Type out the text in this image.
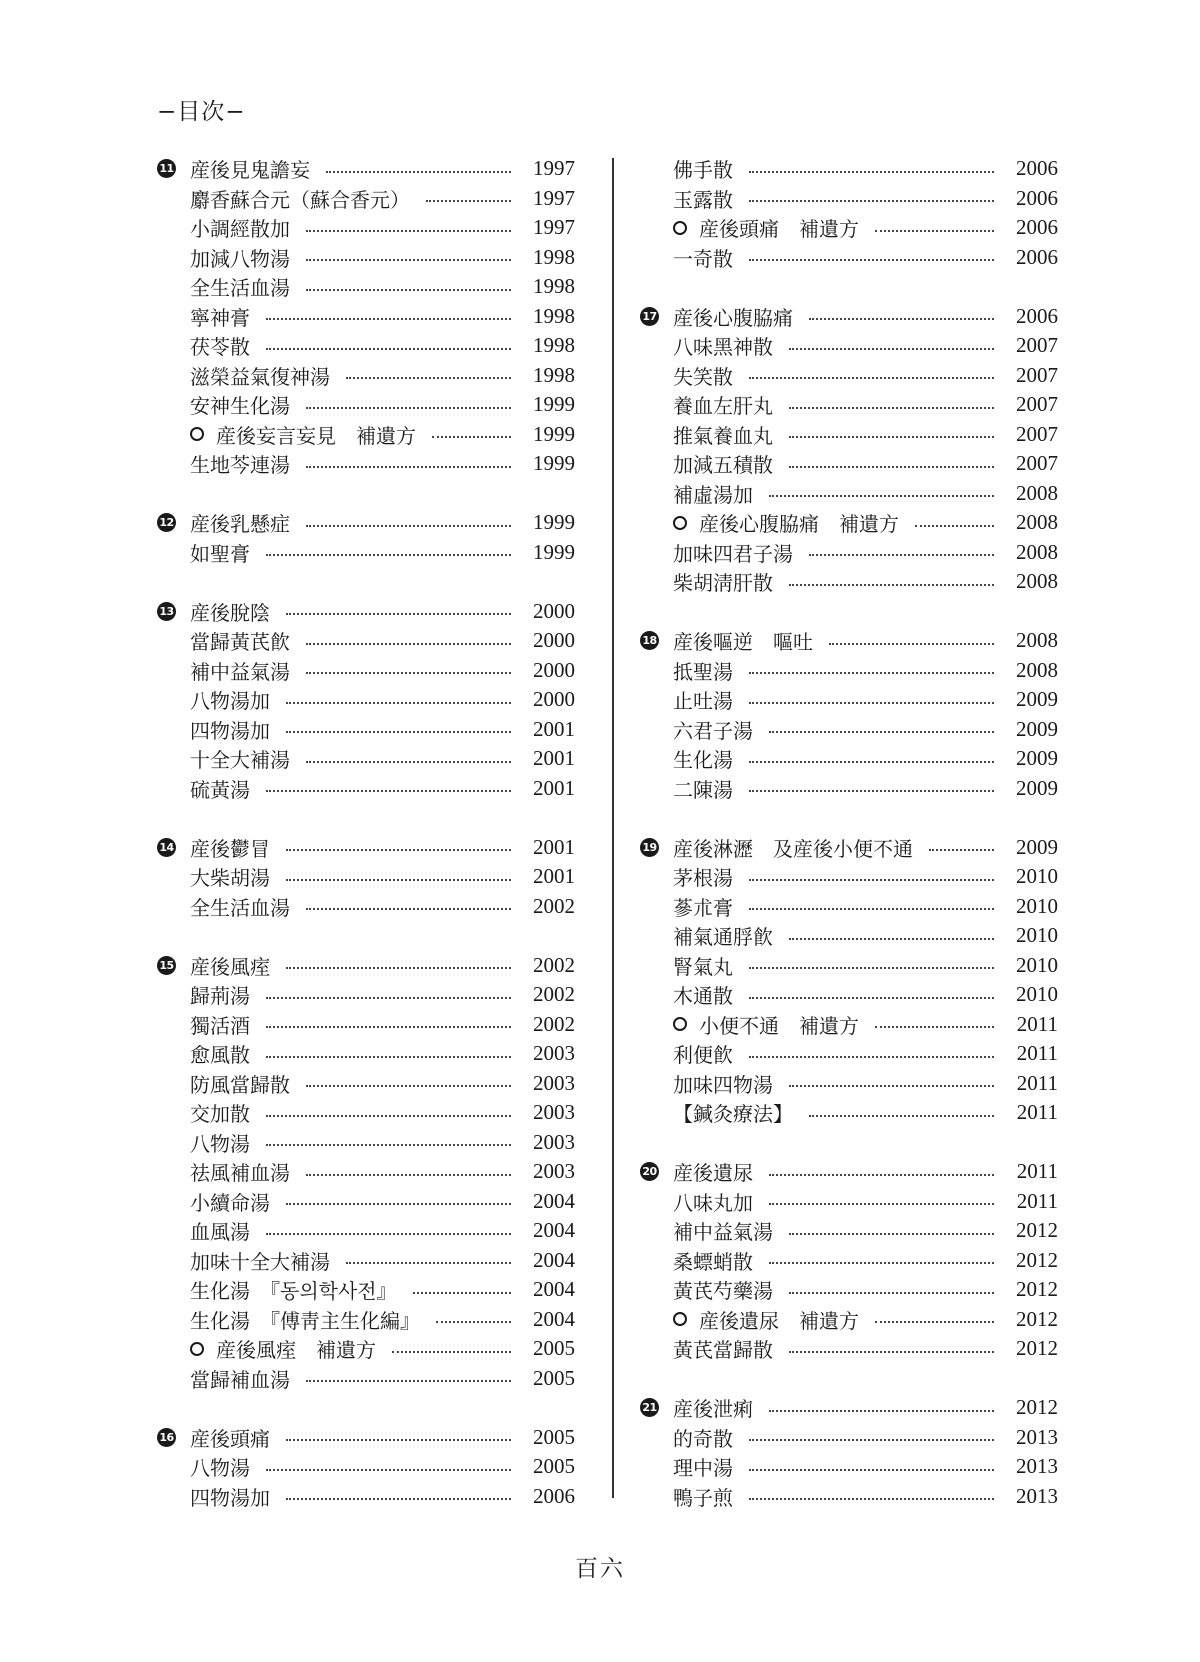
−目次−
11 産後見鬼譫妄	1997
麝香蘇合元（蘇合香元）	1997
小調經散加	1997
加減八物湯	1998
全生活血湯	1998
寧神膏	1998
茯苓散	1998
滋榮益氣復神湯	1998
安神生化湯	1999
産後妄言妄見　補遺方	1999
生地芩連湯	1999
12 産後乳懸症	1999
如聖膏	1999
13 産後脫陰	2000
當歸黃芪飮	2000
補中益氣湯	2000
八物湯加	2000
四物湯加	2001
十全大補湯	2001
硫黃湯	2001
14 産後鬱冒	2001
大柴胡湯	2001
全生活血湯	2002
15 産後風痓	2002
歸荊湯	2002
獨活酒	2002
愈風散	2003
防風當歸散	2003
交加散	2003
八物湯	2003
祛風補血湯	2003
小續命湯	2004
血風湯	2004
加味十全大補湯	2004
生化湯　『동의학사전』	2004
生化湯　『傅靑主生化編』	2004
産後風痓　補遺方	2005
當歸補血湯	2005
16 産後頭痛	2005
八物湯	2005
四物湯加	2006
佛手散	2006
玉露散	2006
産後頭痛　補遺方	2006
一奇散	2006
17 産後心腹脇痛	2006
八味黑神散	2007
失笑散	2007
養血左肝丸	2007
推氣養血丸	2007
加減五積散	2007
補虛湯加	2008
産後心腹脇痛　補遺方	2008
加味四君子湯	2008
柴胡淸肝散	2008
18 産後嘔逆　嘔吐	2008
抵聖湯	2008
止吐湯	2009
六君子湯	2009
生化湯	2009
二陳湯	2009
19 産後淋瀝　及産後小便不通	2009
茅根湯	2010
蔘朮膏	2010
補氣通脬飮	2010
腎氣丸	2010
木通散	2010
小便不通　補遺方	2011
利便飮	2011
加味四物湯	2011
【鍼灸療法】	2011
20 産後遺尿	2011
八味丸加	2011
補中益氣湯	2012
桑螵蛸散	2012
黃芪芍藥湯	2012
産後遺尿　補遺方	2012
黃芪當歸散	2012
21 産後泄痢	2012
的奇散	2013
理中湯	2013
鴨子煎	2013
百六
